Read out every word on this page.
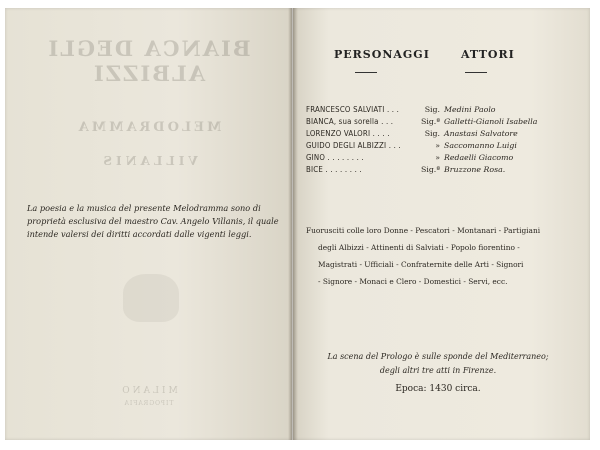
BIANCA DEGLI ALBIZZI
MELODRAMMA
VILLANIS
MILANO
TIPOGRAFIA
La poesia e la musica del presente Melodramma sono di
proprietà esclusiva del maestro Cav. Angelo Villanis, il quale
intende valersi dei diritti accordati dalle vigenti leggi.
PERSONAGGI	ATTORI
FRANCESCO SALVIATI . . .	Sig. Medini Paolo
BIANCA, sua sorella . . .	Sig.ª Galletti-Gianoli Isabella
LORENZO VALORI . . . .	Sig. Anastasi Salvatore
GUIDO DEGLI ALBIZZI . . .	» Saccomanno Luigi
GINO . . . . . . . .	» Redaelli Giacomo
BICE . . . . . . . .	Sig.ª Bruzzone Rosa.
Fuorusciti colle loro Donne - Pescatori - Montanari - Partigiani
degli Albizzi - Attinenti di Salviati - Popolo fiorentino -
Magistrati - Ufficiali - Confraternite delle Arti - Signori
- Signore - Monaci e Clero - Domestici - Servi, ecc.
La scena del Prologo è sulle sponde del Mediterraneo;
degli altri tre atti in Firenze.
Epoca: 1430 circa.
